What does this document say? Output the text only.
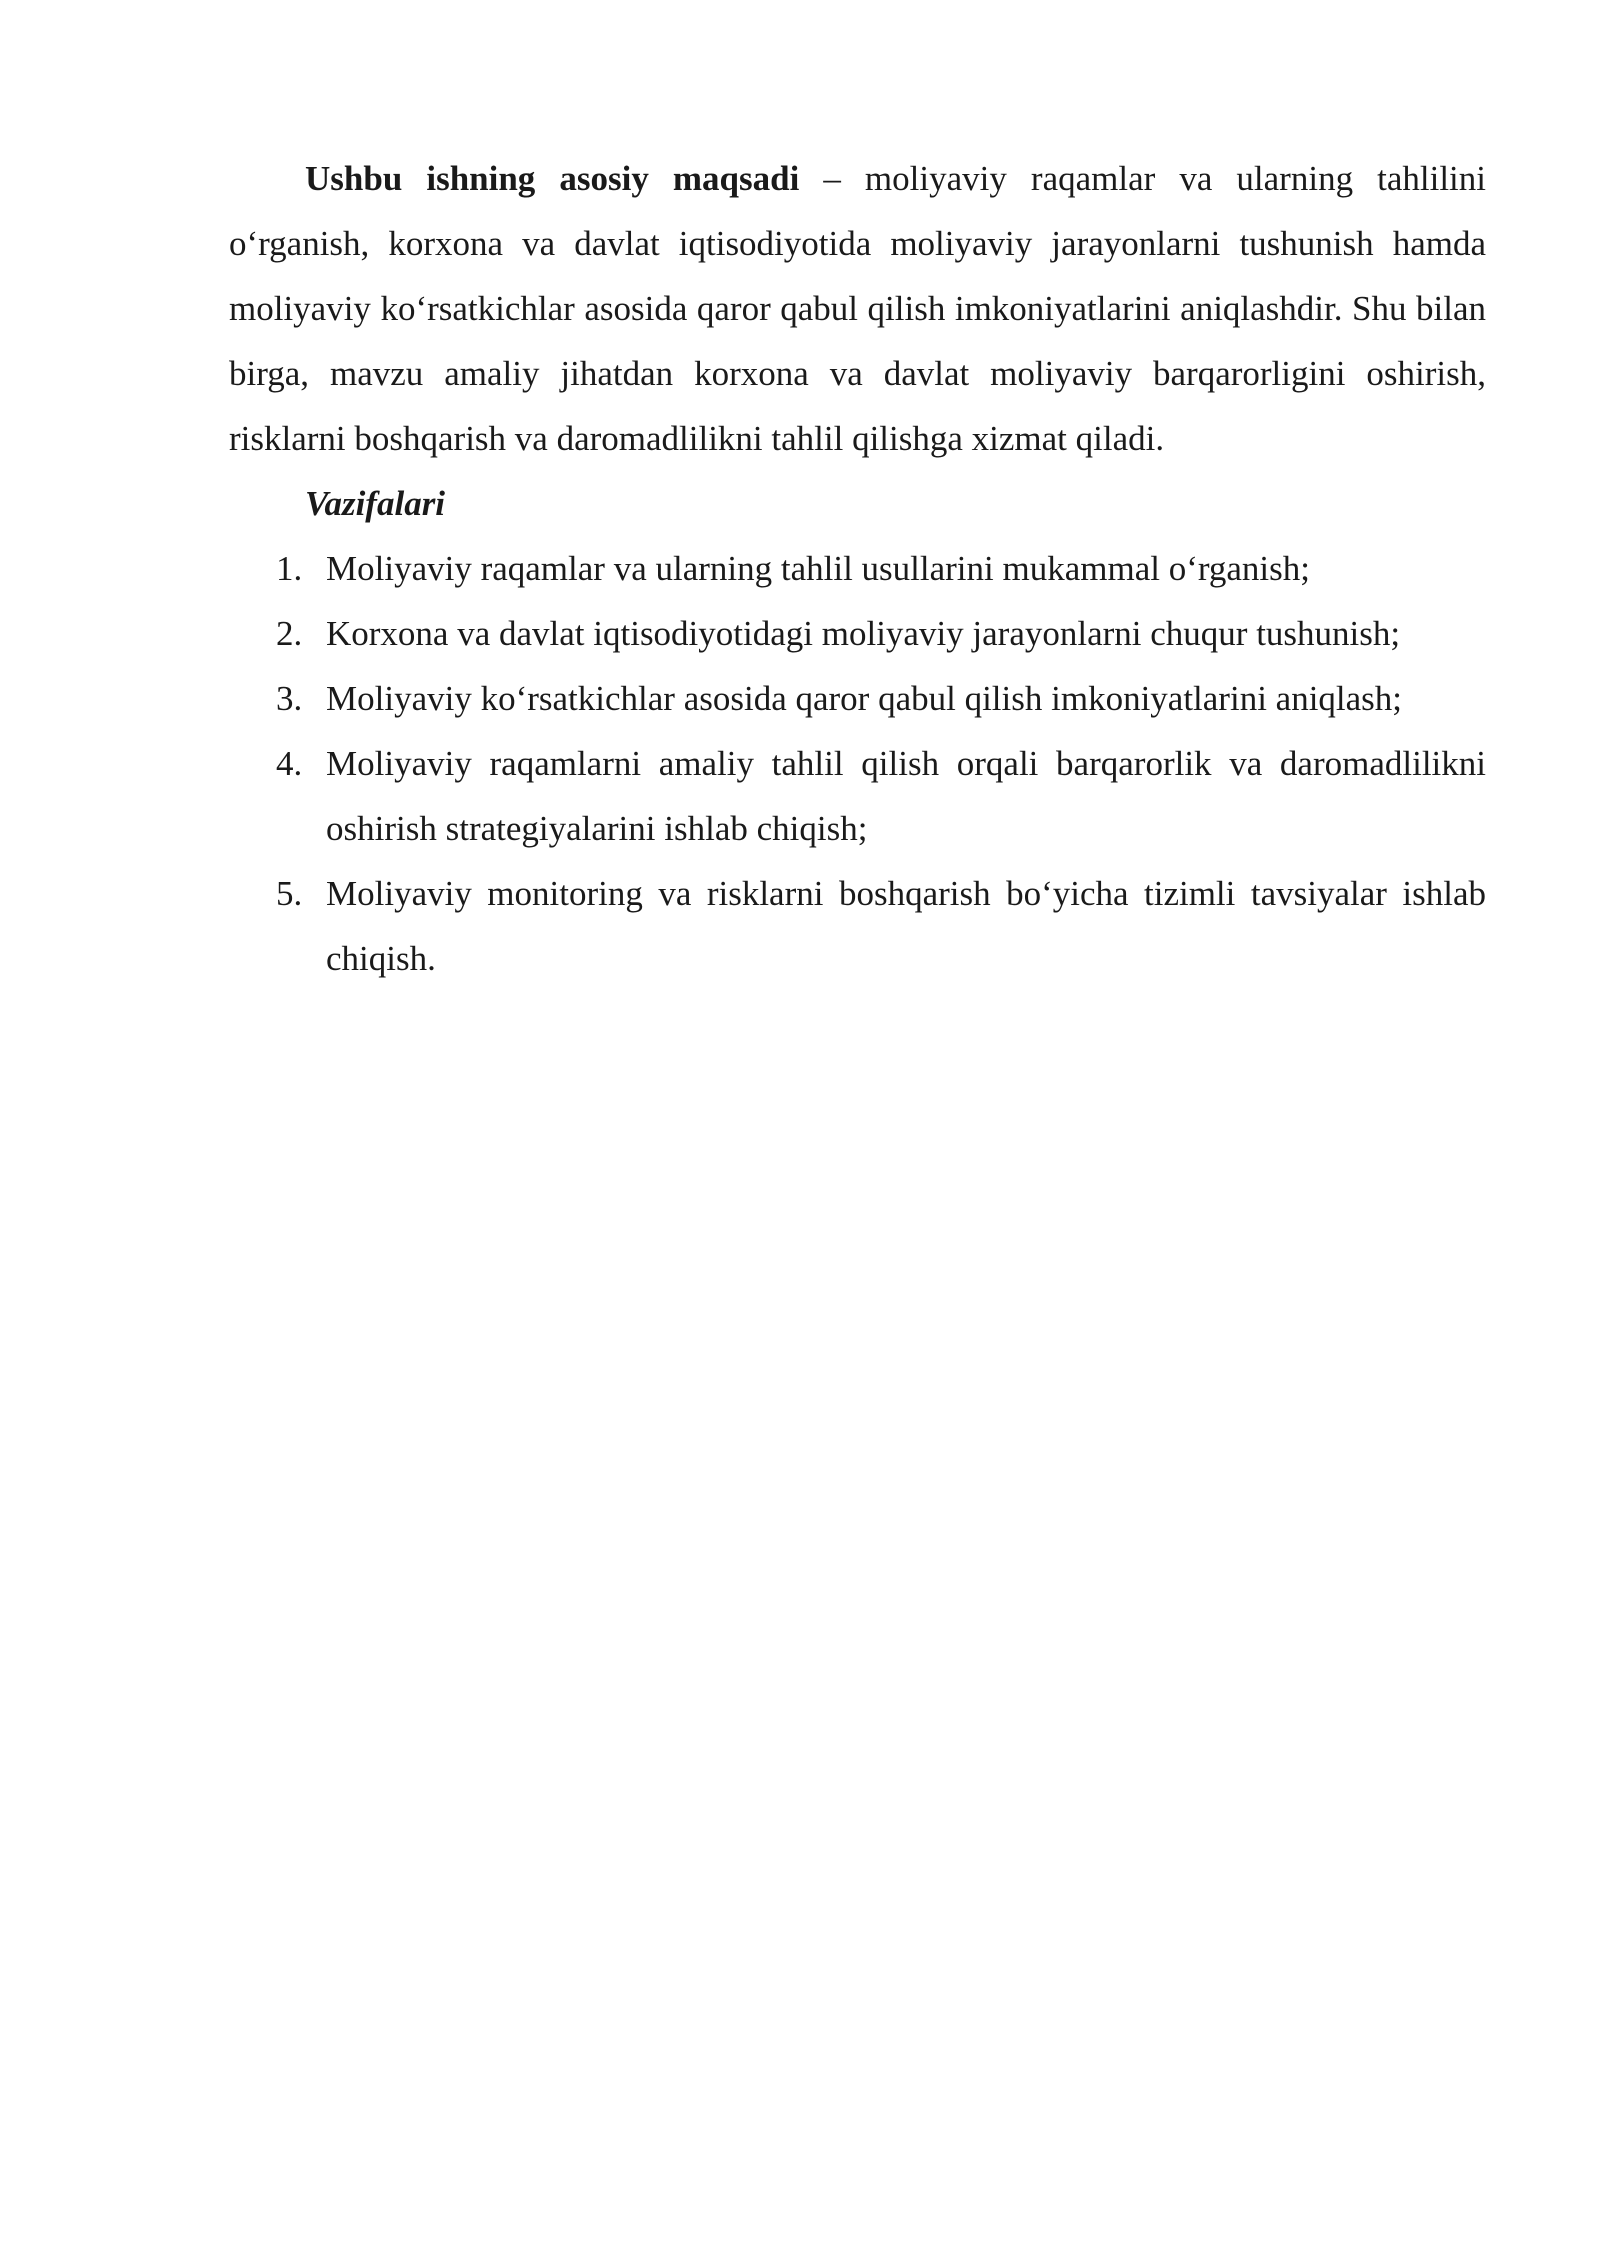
Ushbu ishning asosiy maqsadi – moliyaviy raqamlar va ularning tahlilini o‘rganish, korxona va davlat iqtisodiyotida moliyaviy jarayonlarni tushunish hamda moliyaviy ko‘rsatkichlar asosida qaror qabul qilish imkoniyatlarini aniqlashdir. Shu bilan birga, mavzu amaliy jihatdan korxona va davlat moliyaviy barqarorligini oshirish, risklarni boshqarish va daromadlilikni tahlil qilishga xizmat qiladi.

Vazifalari

1. Moliyaviy raqamlar va ularning tahlil usullarini mukammal o‘rganish;
2. Korxona va davlat iqtisodiyotidagi moliyaviy jarayonlarni chuqur tushunish;
3. Moliyaviy ko‘rsatkichlar asosida qaror qabul qilish imkoniyatlarini aniqlash;
4. Moliyaviy raqamlarni amaliy tahlil qilish orqali barqarorlik va daromadlilikni oshirish strategiyalarini ishlab chiqish;
5. Moliyaviy monitoring va risklarni boshqarish bo‘yicha tizimli tavsiyalar ishlab chiqish.
